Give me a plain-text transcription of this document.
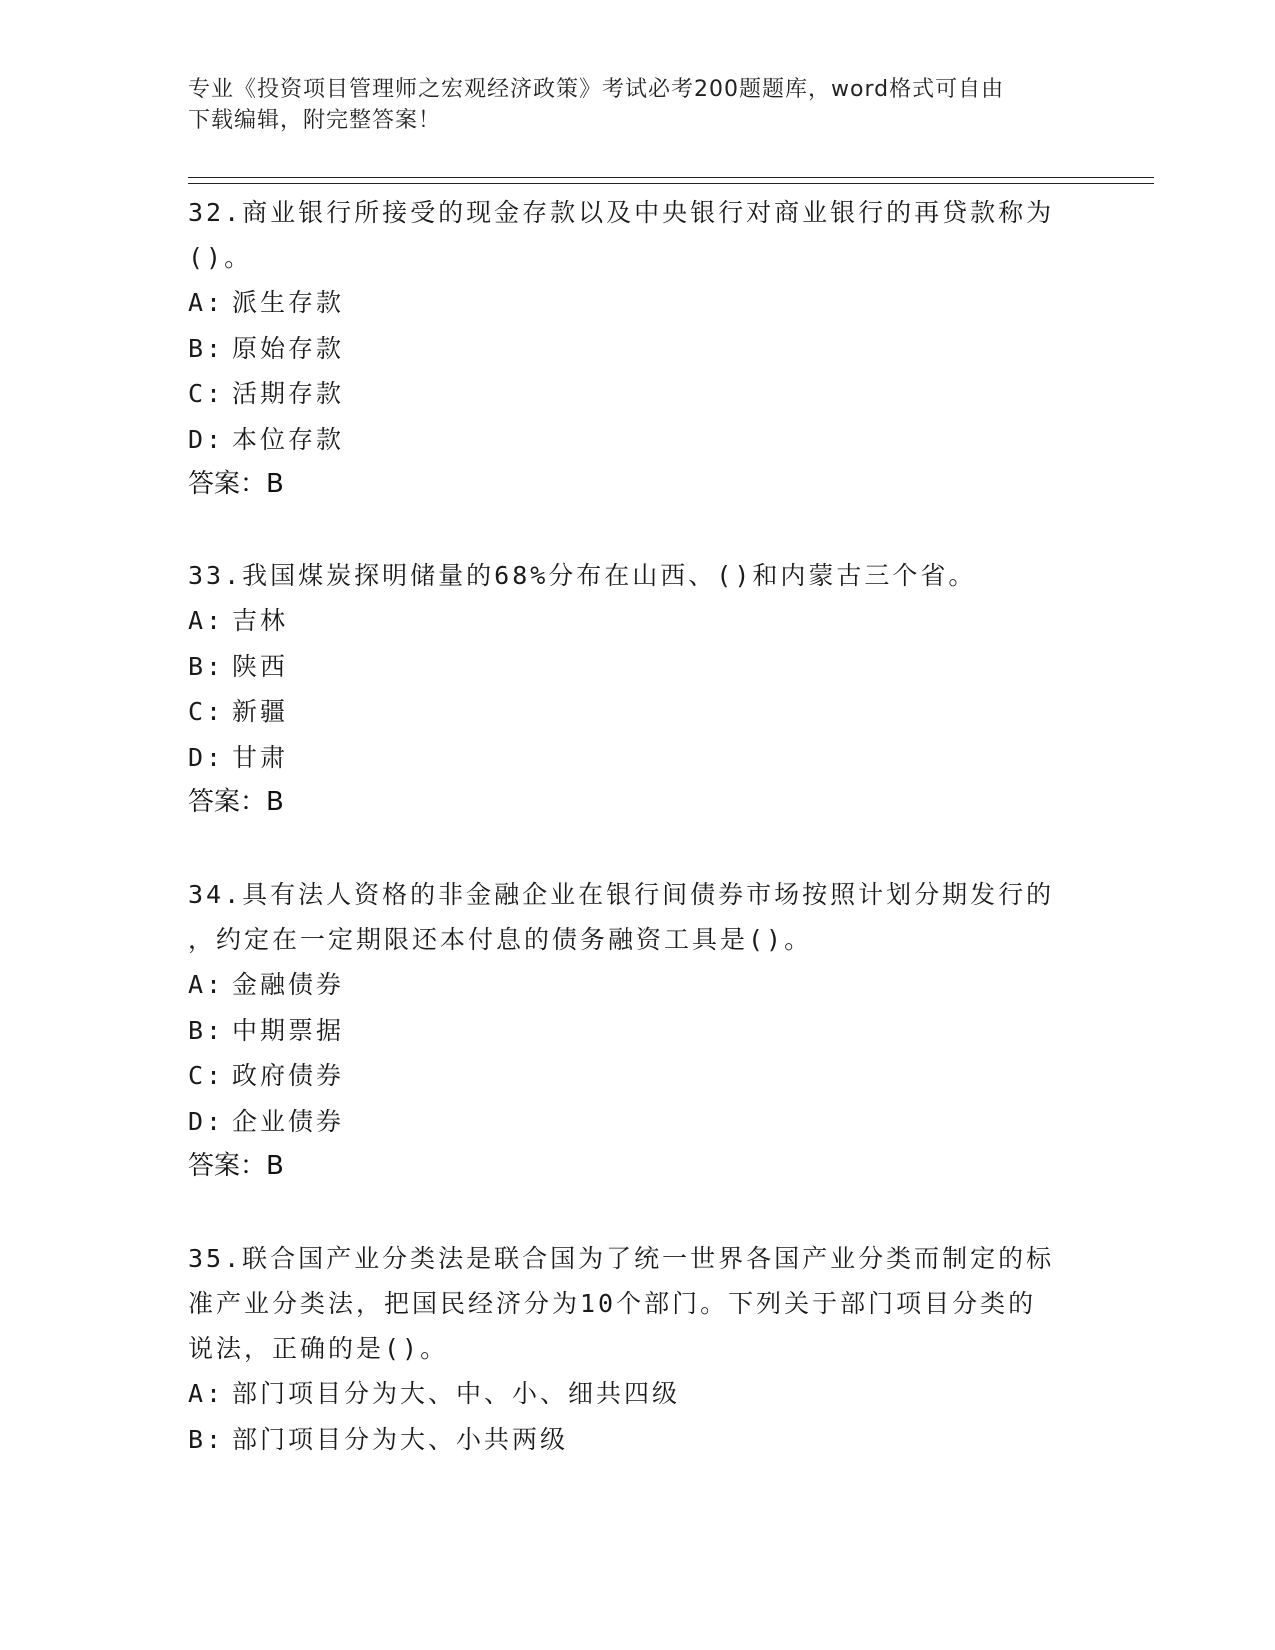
专业《投资项目管理师之宏观经济政策》考试必考200题题库，word格式可自由
下载编辑，附完整答案！

32.商业银行所接受的现金存款以及中央银行对商业银行的再贷款称为
()。

A: 派生存款
B: 原始存款
C: 活期存款
D: 本位存款
答案：B

33.我国煤炭探明储量的68%分布在山西、()和内蒙古三个省。

A: 吉林
B: 陕西
C: 新疆
D: 甘肃
答案：B

34.具有法人资格的非金融企业在银行间债券市场按照计划分期发行的
，约定在一定期限还本付息的债务融资工具是()。

A: 金融债券
B: 中期票据
C: 政府债券
D: 企业债券
答案：B

35.联合国产业分类法是联合国为了统一世界各国产业分类而制定的标
准产业分类法，把国民经济分为10个部门。下列关于部门项目分类的
说法，正确的是()。

A: 部门项目分为大、中、小、细共四级
B: 部门项目分为大、小共两级
